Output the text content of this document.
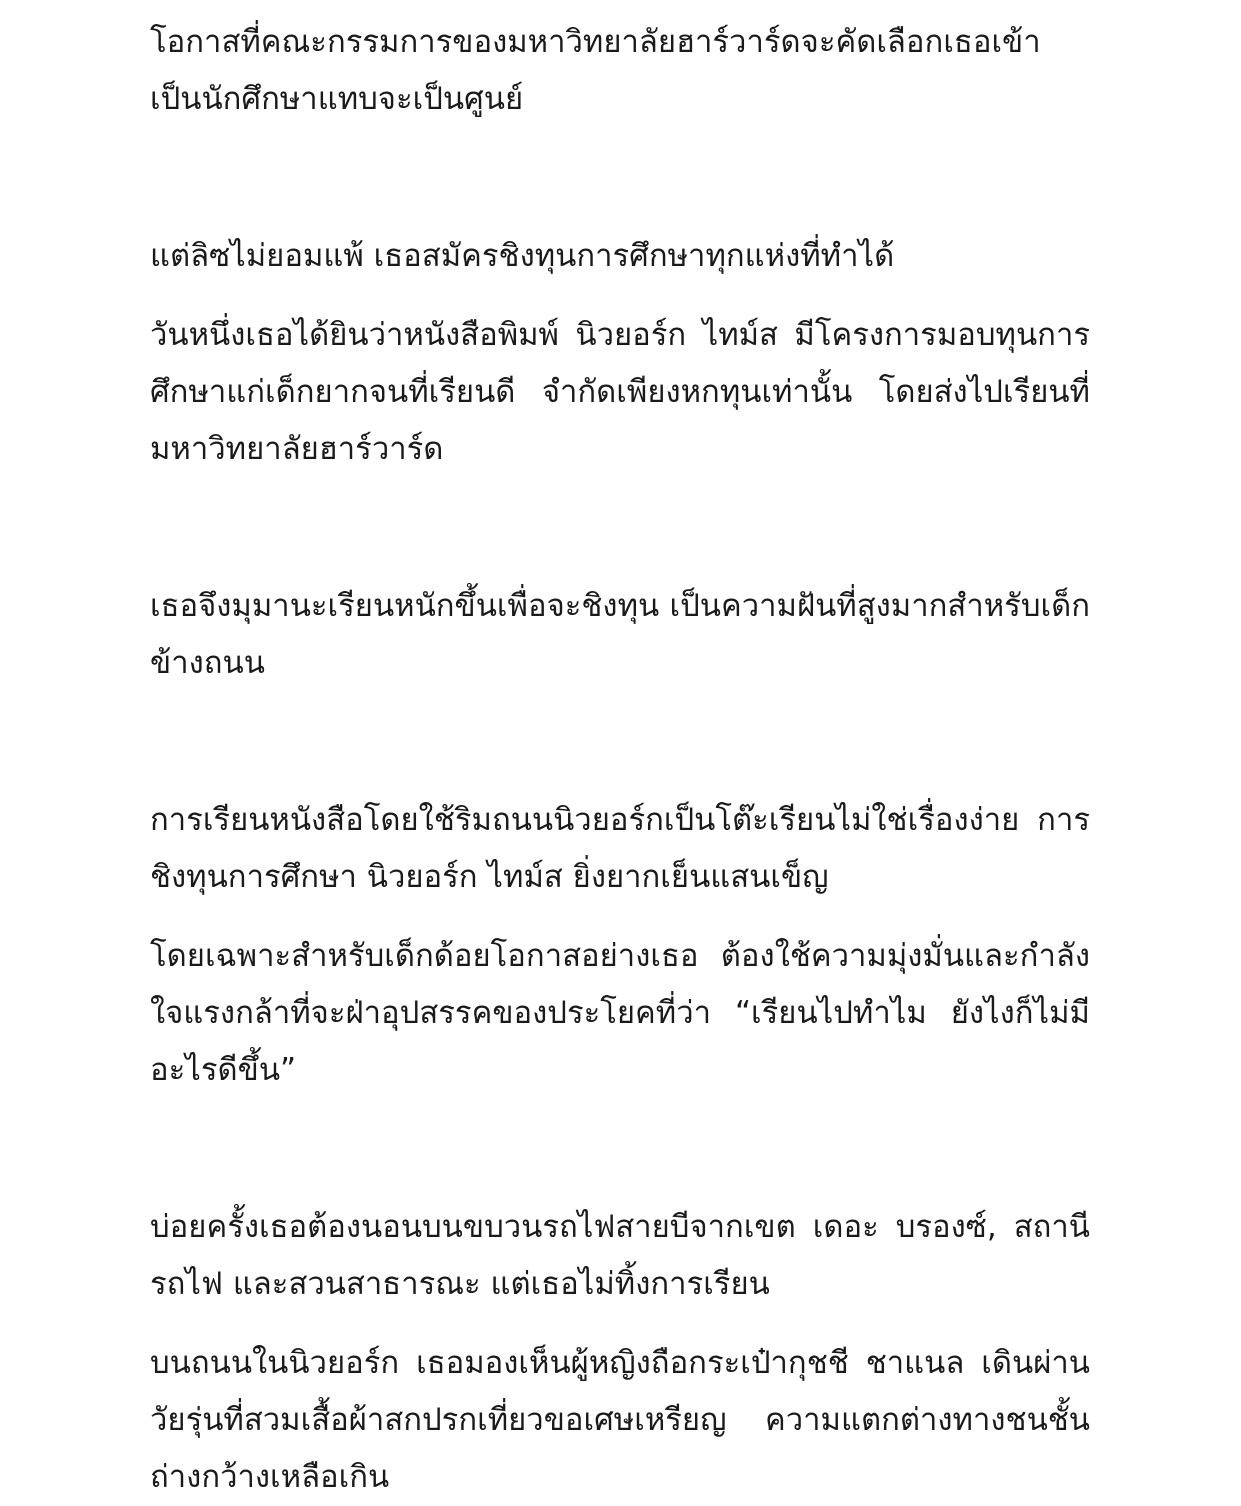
โอกาสที่คณะกรรมการของมหาวิทยาลัยฮาร์วาร์ดจะคัดเลือกเธอเข้าเป็นนักศึกษาแทบจะเป็นศูนย์

แต่ลิซไม่ยอมแพ้ เธอสมัครชิงทุนการศึกษาทุกแห่งที่ทำได้

วันหนึ่งเธอได้ยินว่าหนังสือพิมพ์ นิวยอร์ก ไทม์ส มีโครงการมอบทุนการศึกษาแก่เด็กยากจนที่เรียนดี จำกัดเพียงหกทุนเท่านั้น โดยส่งไปเรียนที่มหาวิทยาลัยฮาร์วาร์ด

เธอจึงมุมานะเรียนหนักขึ้นเพื่อจะชิงทุน เป็นความฝันที่สูงมากสำหรับเด็กข้างถนน

การเรียนหนังสือโดยใช้ริมถนนนิวยอร์กเป็นโต๊ะเรียนไม่ใช่เรื่องง่าย การชิงทุนการศึกษา นิวยอร์ก ไทม์ส ยิ่งยากเย็นแสนเข็ญ

โดยเฉพาะสำหรับเด็กด้อยโอกาสอย่างเธอ ต้องใช้ความมุ่งมั่นและกำลังใจแรงกล้าที่จะฝ่าอุปสรรคของประโยคที่ว่า “เรียนไปทำไม ยังไงก็ไม่มีอะไรดีขึ้น”

บ่อยครั้งเธอต้องนอนบนขบวนรถไฟสายบีจากเขต เดอะ บรองซ์, สถานีรถไฟ และสวนสาธารณะ แต่เธอไม่ทิ้งการเรียน

บนถนนในนิวยอร์ก เธอมองเห็นผู้หญิงถือกระเป๋ากุชชี ชาแนล เดินผ่านวัยรุ่นที่สวมเสื้อผ้าสกปรกเที่ยวขอเศษเหรียญ ความแตกต่างทางชนชั้นถ่างกว้างเหลือเกิน
